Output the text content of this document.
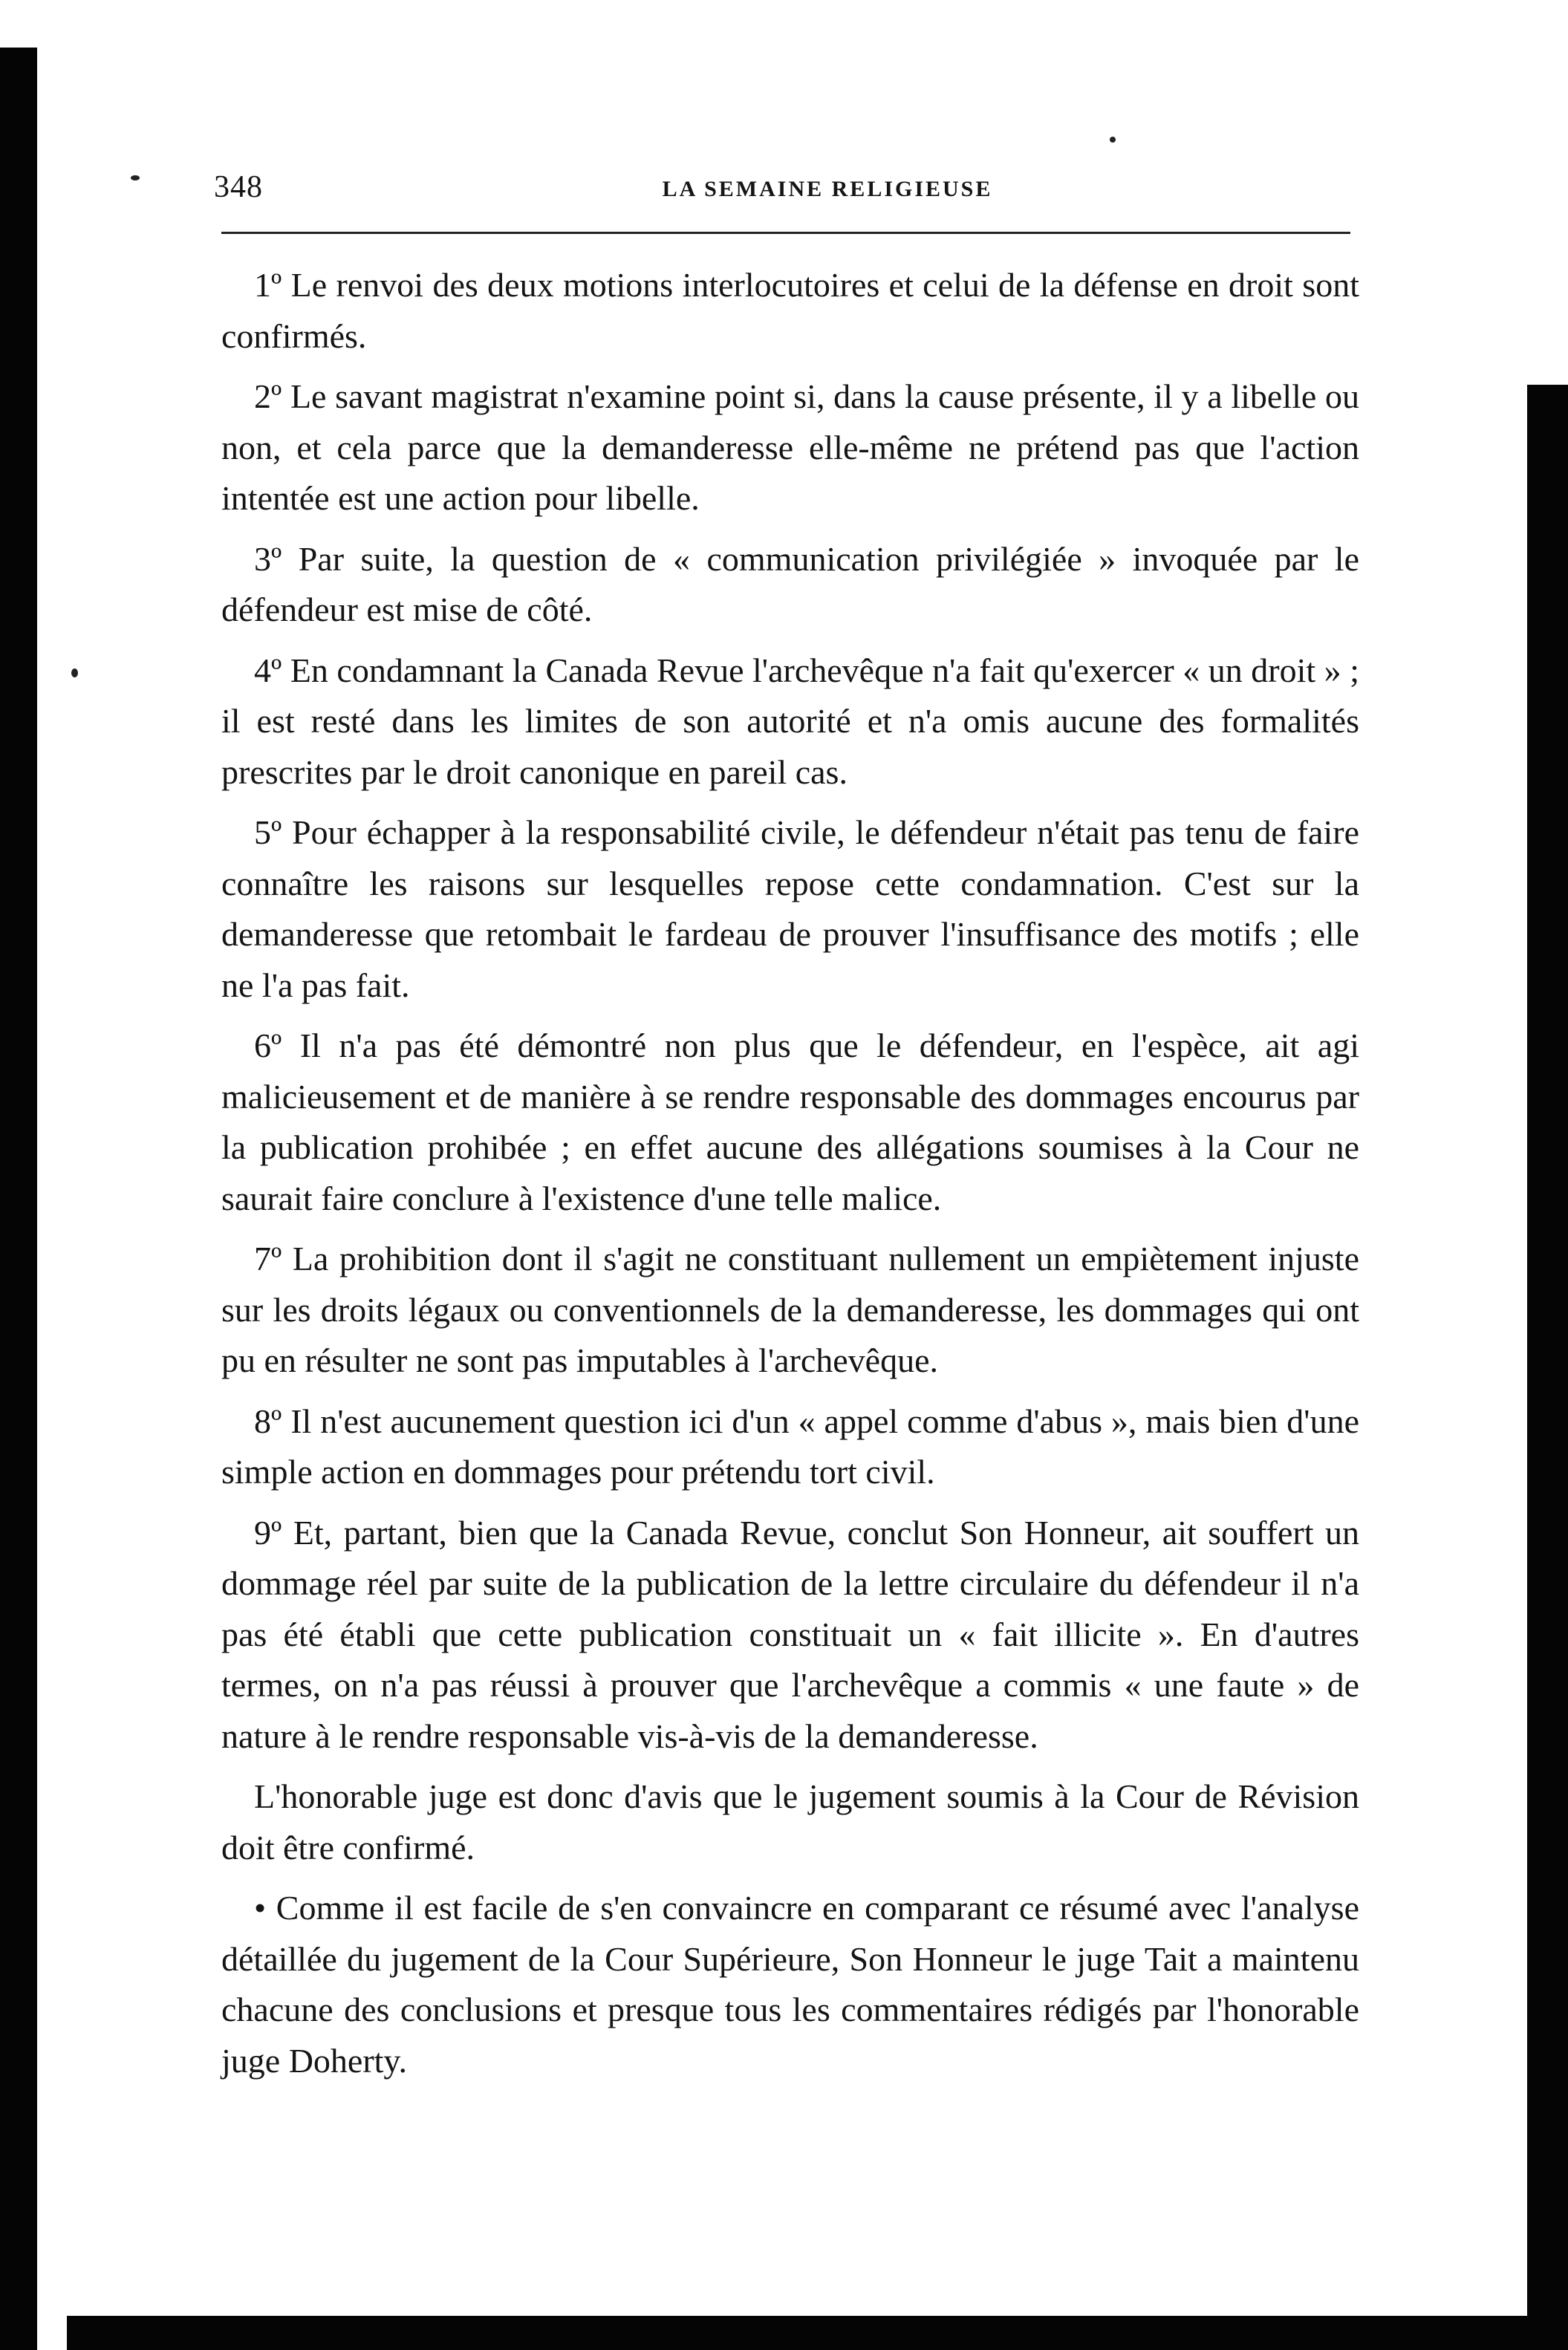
348	LA SEMAINE RELIGIEUSE

1º Le renvoi des deux motions interlocutoires et celui de la défense en droit sont confirmés.

2º Le savant magistrat n'examine point si, dans la cause présente, il y a libelle ou non, et cela parce que la demanderesse elle-même ne prétend pas que l'action intentée est une action pour libelle.

3º Par suite, la question de « communication privilégiée » invoquée par le défendeur est mise de côté.

4º En condamnant la Canada Revue l'archevêque n'a fait qu'exercer « un droit » ; il est resté dans les limites de son autorité et n'a omis aucune des formalités prescrites par le droit canonique en pareil cas.

5º Pour échapper à la responsabilité civile, le défendeur n'était pas tenu de faire connaître les raisons sur lesquelles repose cette condamnation. C'est sur la demanderesse que retombait le fardeau de prouver l'insuffisance des motifs ; elle ne l'a pas fait.

6º Il n'a pas été démontré non plus que le défendeur, en l'espèce, ait agi malicieusement et de manière à se rendre responsable des dommages encourus par la publication prohibée ; en effet aucune des allégations soumises à la Cour ne saurait faire conclure à l'existence d'une telle malice.

7º La prohibition dont il s'agit ne constituant nullement un empiètement injuste sur les droits légaux ou conventionnels de la demanderesse, les dommages qui ont pu en résulter ne sont pas imputables à l'archevêque.

8º Il n'est aucunement question ici d'un « appel comme d'abus », mais bien d'une simple action en dommages pour prétendu tort civil.

9º Et, partant, bien que la Canada Revue, conclut Son Honneur, ait souffert un dommage réel par suite de la publication de la lettre circulaire du défendeur il n'a pas été établi que cette publication constituait un « fait illicite ». En d'autres termes, on n'a pas réussi à prouver que l'archevêque a commis « une faute » de nature à le rendre responsable vis-à-vis de la demanderesse.

L'honorable juge est donc d'avis que le jugement soumis à la Cour de Révision doit être confirmé.

• Comme il est facile de s'en convaincre en comparant ce résumé avec l'analyse détaillée du jugement de la Cour Supérieure, Son Honneur le juge Tait a maintenu chacune des conclusions et presque tous les commentaires rédigés par l'honorable juge Doherty.
